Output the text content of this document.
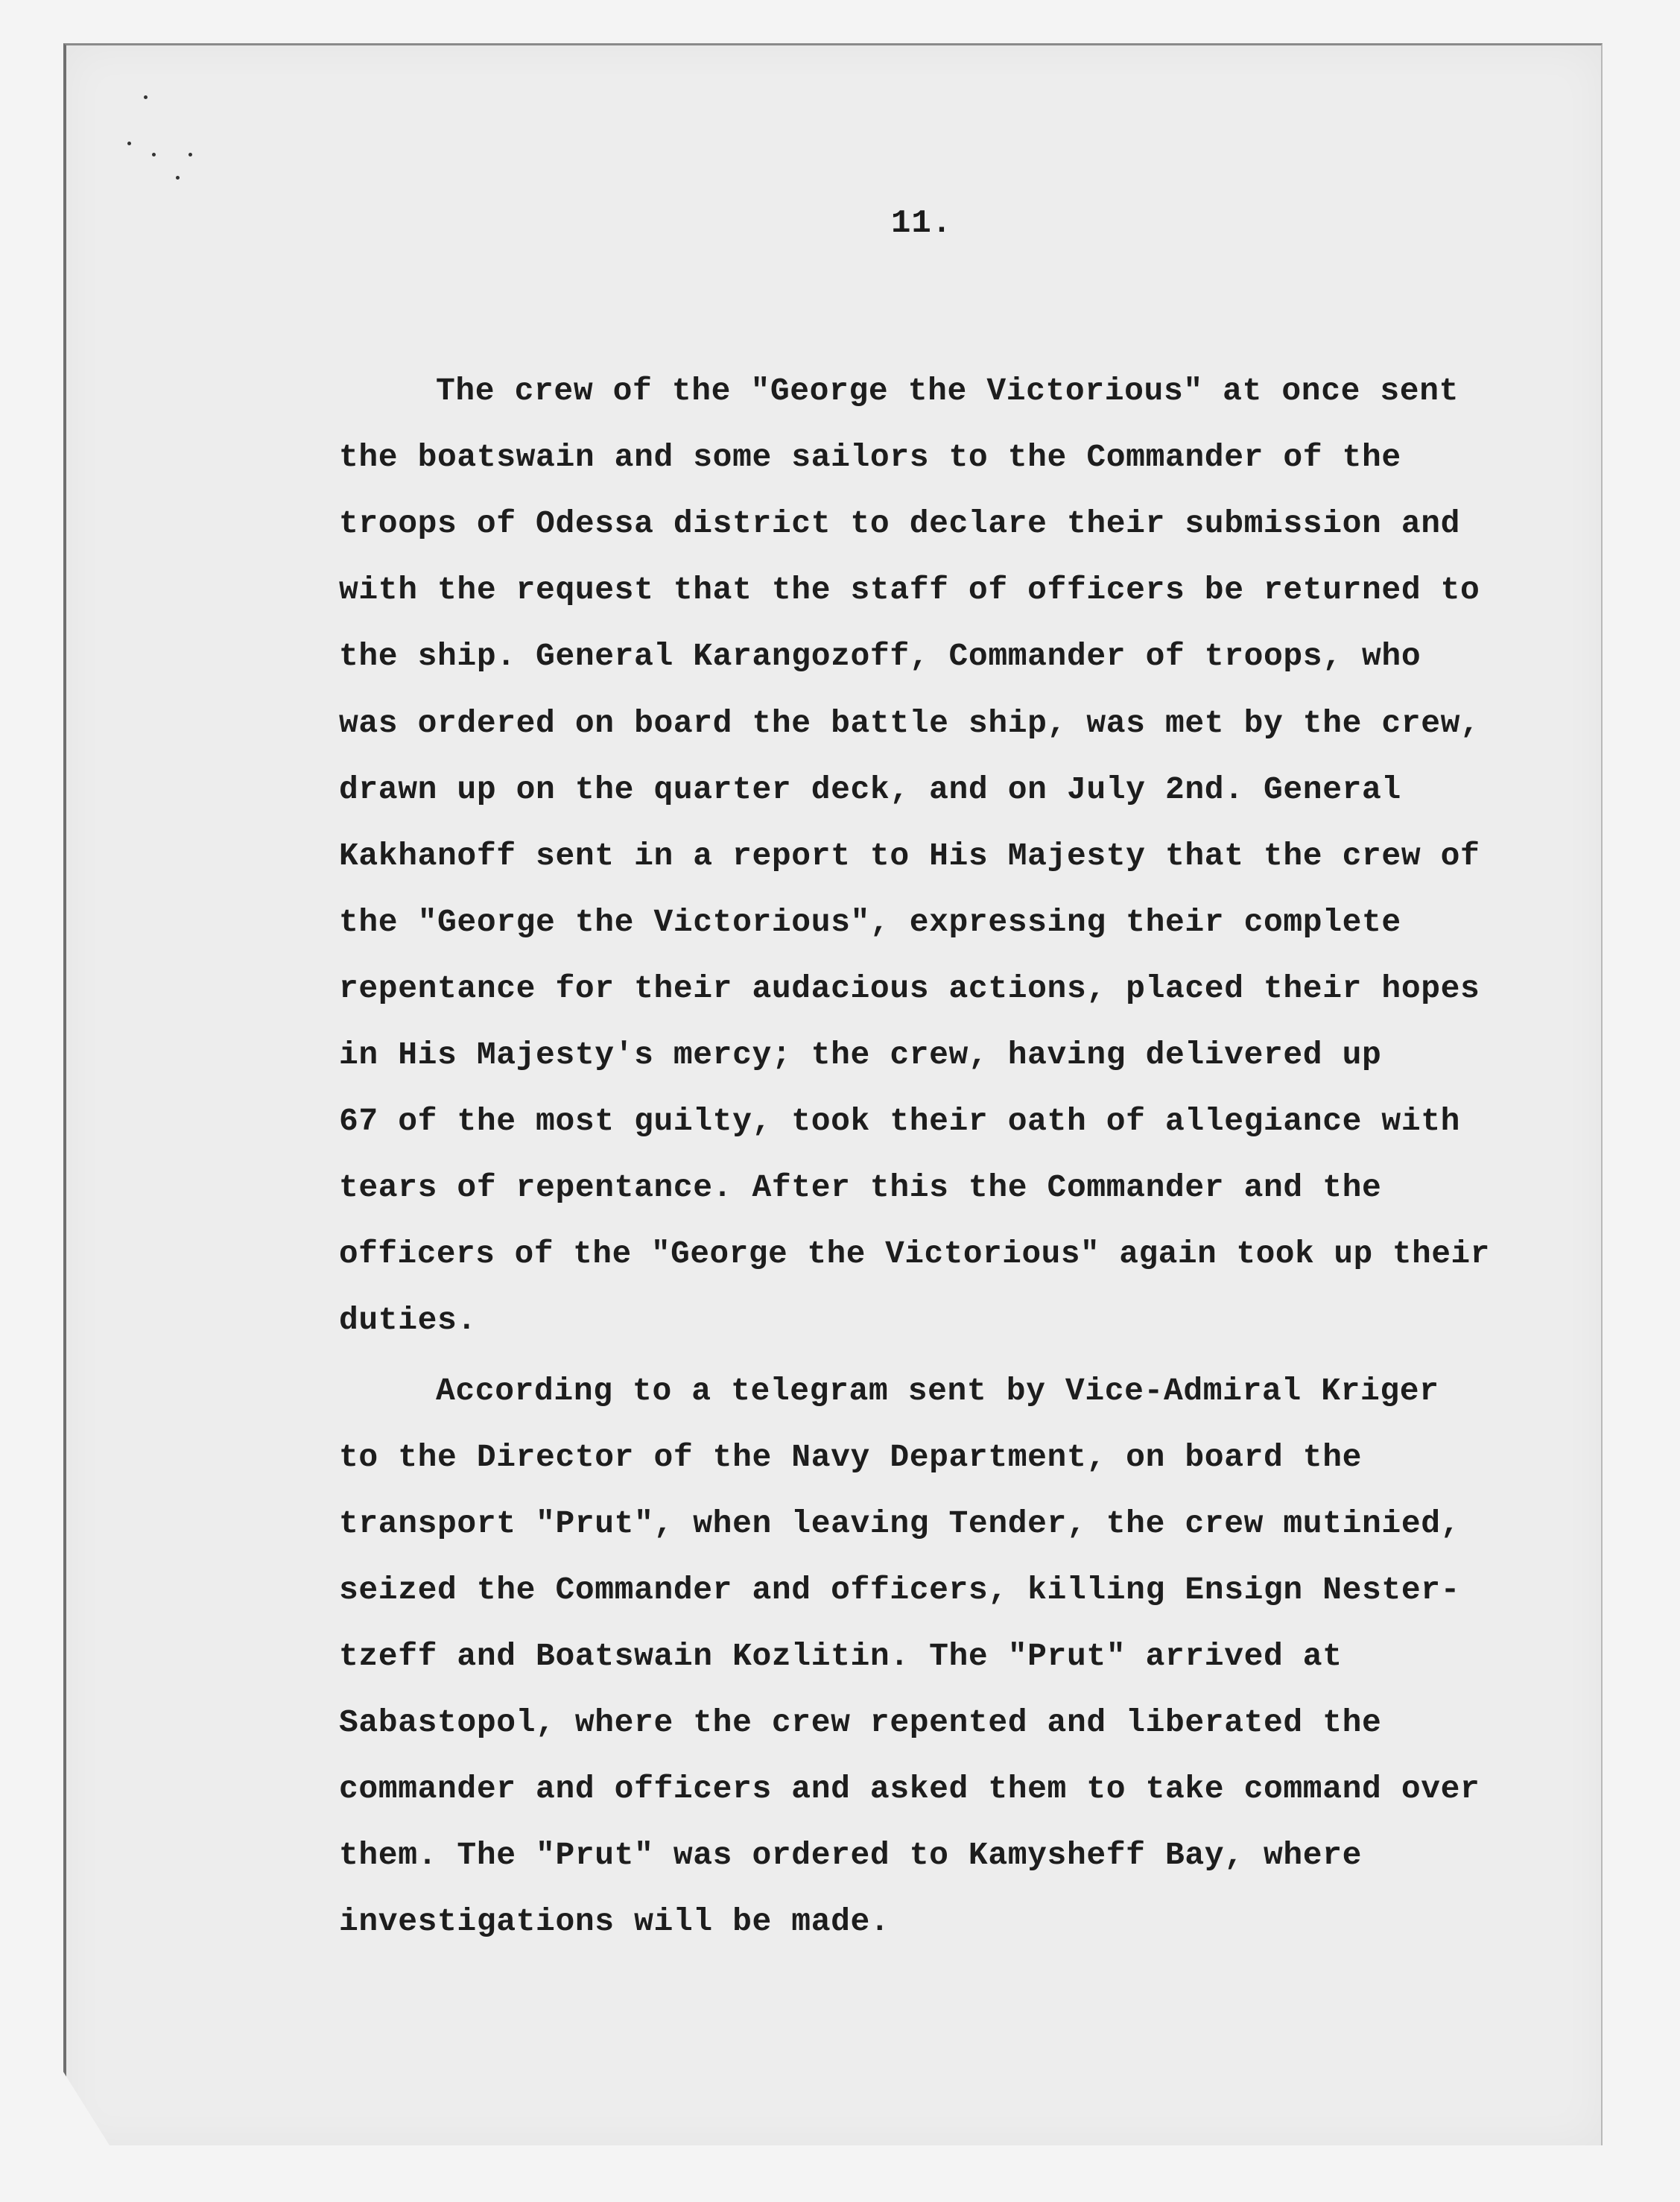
11.
The crew of the "George the Victorious" at once sent
the boatswain and some sailors to the Commander of the
troops of Odessa district to declare their submission and
with the request that the staff of officers be returned to
the ship. General Karangozoff, Commander of troops, who
was ordered on board the battle ship, was met by the crew,
drawn up on the quarter deck, and on July 2nd. General
Kakhanoff sent in a report to His Majesty that the crew of
the "George the Victorious", expressing their complete
repentance for their audacious actions, placed their hopes
in His Majesty's mercy; the crew, having delivered up
67 of the most guilty, took their oath of allegiance with
tears of repentance. After this the Commander and the
officers of the "George the Victorious" again took up their
duties.
According to a telegram sent by Vice-Admiral Kriger
to the Director of the Navy Department, on board the
transport "Prut", when leaving Tender, the crew mutinied,
seized the Commander and officers, killing Ensign Nester-
tzeff and Boatswain Kozlitin. The "Prut" arrived at
Sabastopol, where the crew repented and liberated the
commander and officers and asked them to take command over
them. The "Prut" was ordered to Kamysheff Bay, where
investigations will be made.
